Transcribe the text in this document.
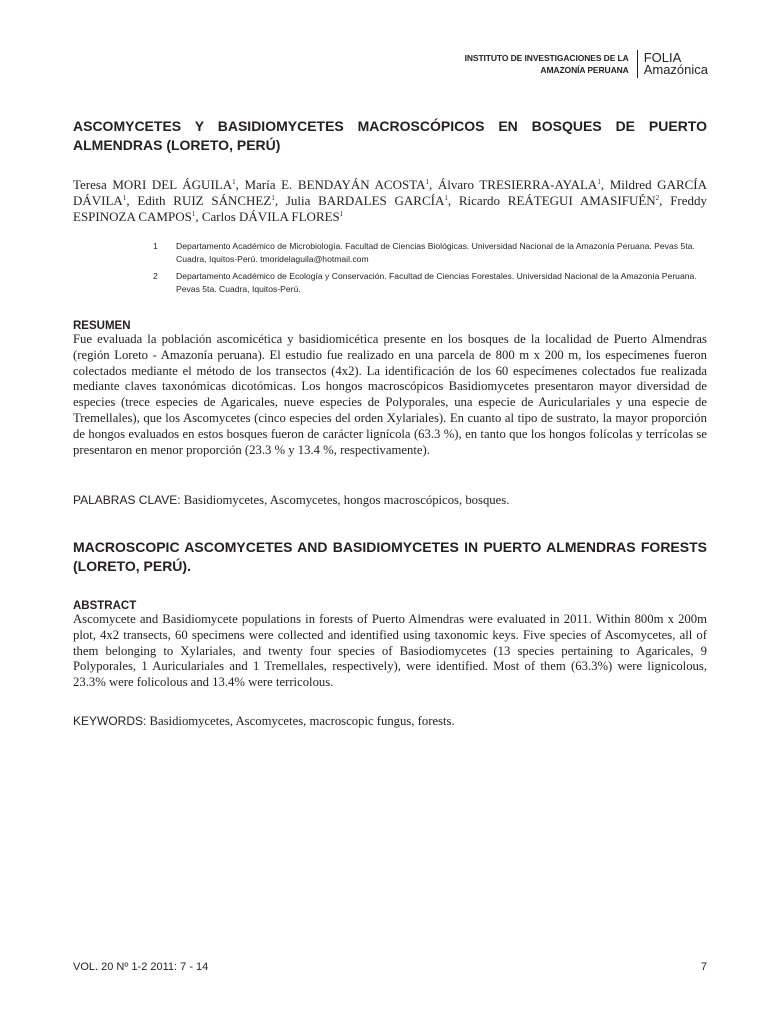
INSTITUTO DE INVESTIGACIONES DE LA
AMAZONÍA PERUANA
FOLIA
Amazónica
ASCOMYCETES Y BASIDIOMYCETES MACROSCÓPICOS EN BOSQUES DE PUERTO ALMENDRAS (LORETO, PERÚ)

Teresa MORI DEL ÁGUILA$^1$, María E. BENDAYÁN ACOSTA$^1$, Álvaro TRESIERRA-AYALA$^1$, Mildred GARCÍA DÁVILA$^1$, Edith RUIZ SÁNCHEZ$^1$, Julia BARDALES GARCÍA$^1$, Ricardo REÁTEGUI AMASIFUÉN$^2$, Freddy ESPINOZA CAMPOS$^1$, Carlos DÁVILA FLORES$^1$

1	Departamento Académico de Microbiología. Facultad de Ciencias Biológicas. Universidad Nacional de la Amazonía Peruana. Pevas 5ta. Cuadra, Iquitos-Perú. tmoridelaguila@hotmail.com
2	Departamento Académico de Ecología y Conservación. Facultad de Ciencias Forestales. Universidad Nacional de la Amazonía Peruana. Pevas 5ta. Cuadra, Iquitos-Perú.
RESUMEN

Fue evaluada la población ascomicética y basidiomicética presente en los bosques de la localidad de Puerto Almendras (región Loreto - Amazonía peruana). El estudio fue realizado en una parcela de 800 m x 200 m, los especímenes fueron colectados mediante el método de los transectos (4x2). La identificación de los 60 especímenes colectados fue realizada mediante claves taxonómicas dicotómicas. Los hongos macroscópicos Basidiomycetes presentaron mayor diversidad de especies (trece especies de Agaricales, nueve especies de Polyporales, una especie de Auriculariales y una especie de Tremellales), que los Ascomycetes (cinco especies del orden Xylariales). En cuanto al tipo de sustrato, la mayor proporción de hongos evaluados en estos bosques fueron de carácter lignícola (63.3 %), en tanto que los hongos folícolas y terrícolas se presentaron en menor proporción (23.3 % y 13.4 %, respectivamente).

PALABRAS CLAVE: Basidiomycetes, Ascomycetes, hongos macroscópicos, bosques.

MACROSCOPIC ASCOMYCETES AND BASIDIOMYCETES IN PUERTO ALMENDRAS FORESTS (LORETO, PERÚ).
ABSTRACT

Ascomycete and Basidiomycete populations in forests of Puerto Almendras were evaluated in 2011. Within 800m x 200m plot, 4x2 transects, 60 specimens were collected and identified using taxonomic keys. Five species of Ascomycetes, all of them belonging to Xylariales, and twenty four species of Basiodiomycetes (13 species pertaining to Agaricales, 9 Polyporales, 1 Auriculariales and 1 Tremellales, respectively), were identified. Most of them (63.3%) were lignicolous, 23.3% were folicolous and 13.4% were terricolous.

KEYWORDS: Basidiomycetes, Ascomycetes, macroscopic fungus, forests.

VOL. 20 Nº 1-2 2011: 7 - 14	7
